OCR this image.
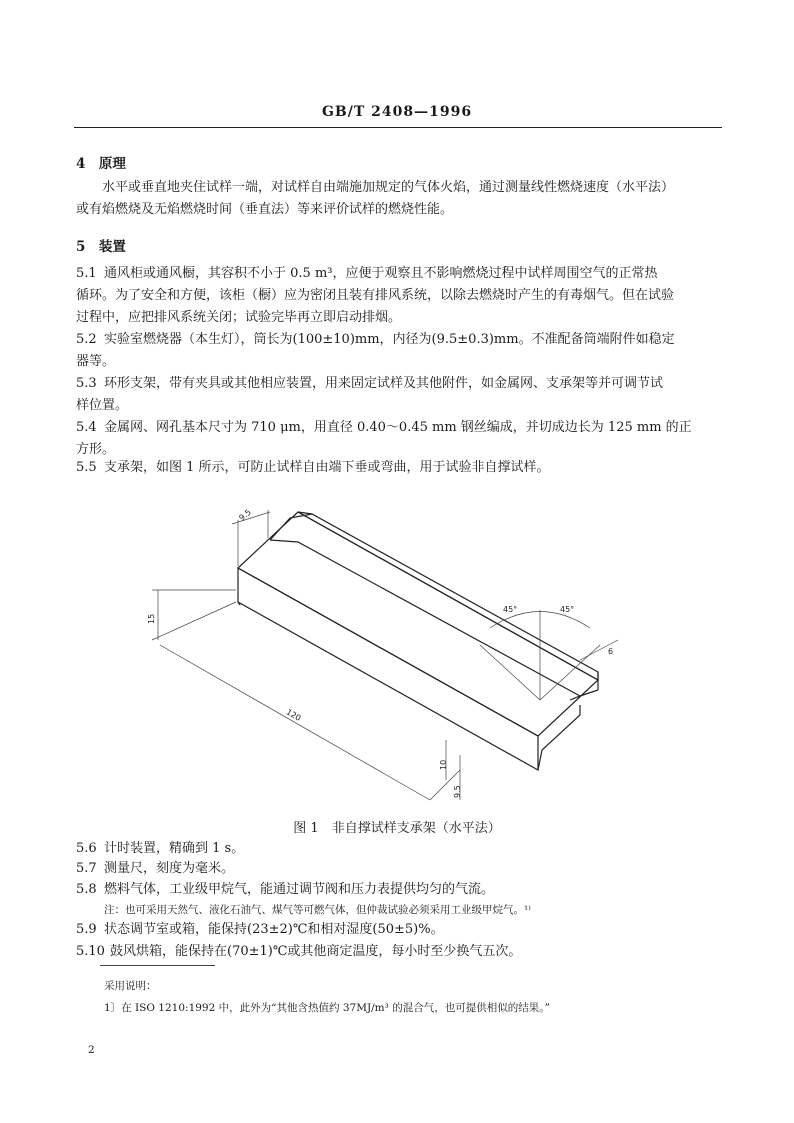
GB/T 2408—1996
4　原理
水平或垂直地夹住试样一端，对试样自由端施加规定的气体火焰，通过测量线性燃烧速度（水平法）
或有焰燃烧及无焰燃烧时间（垂直法）等来评价试样的燃烧性能。
5　装置
5.1 通风柜或通风橱，其容积不小于 0.5 m³，应便于观察且不影响燃烧过程中试样周围空气的正常热
循环。为了安全和方便，该柜（橱）应为密闭且装有排风系统，以除去燃烧时产生的有毒烟气。但在试验
过程中，应把排风系统关闭；试验完毕再立即启动排烟。
5.2 实验室燃烧器（本生灯），筒长为(100±10)mm，内径为(9.5±0.3)mm。不准配备筒端附件如稳定
器等。
5.3 环形支架，带有夹具或其他相应装置，用来固定试样及其他附件，如金属网、支承架等并可调节试
样位置。
5.4 金属网、网孔基本尺寸为 710 μm，用直径 0.40～0.45 mm 钢丝编成，并切成边长为 125 mm 的正
方形。
5.5 支承架，如图 1 所示，可防止试样自由端下垂或弯曲，用于试验非自撑试样。
9.5
15
120
45°	45°
6
10
9.5
图 1　非自撑试样支承架（水平法）
5.6 计时装置，精确到 1 s。
5.7 测量尺，刻度为毫米。
5.8 燃料气体，工业级甲烷气，能通过调节阀和压力表提供均匀的气流。
注：也可采用天然气、液化石油气、煤气等可燃气体，但仲裁试验必须采用工业级甲烷气。¹⁾
5.9 状态调节室或箱，能保持(23±2)℃和相对湿度(50±5)%。
5.10 鼓风烘箱，能保持在(70±1)℃或其他商定温度，每小时至少换气五次。
采用说明：
1〕在 ISO 1210:1992 中，此外为“其他含热值约 37MJ/m³ 的混合气，也可提供相似的结果。”
2
